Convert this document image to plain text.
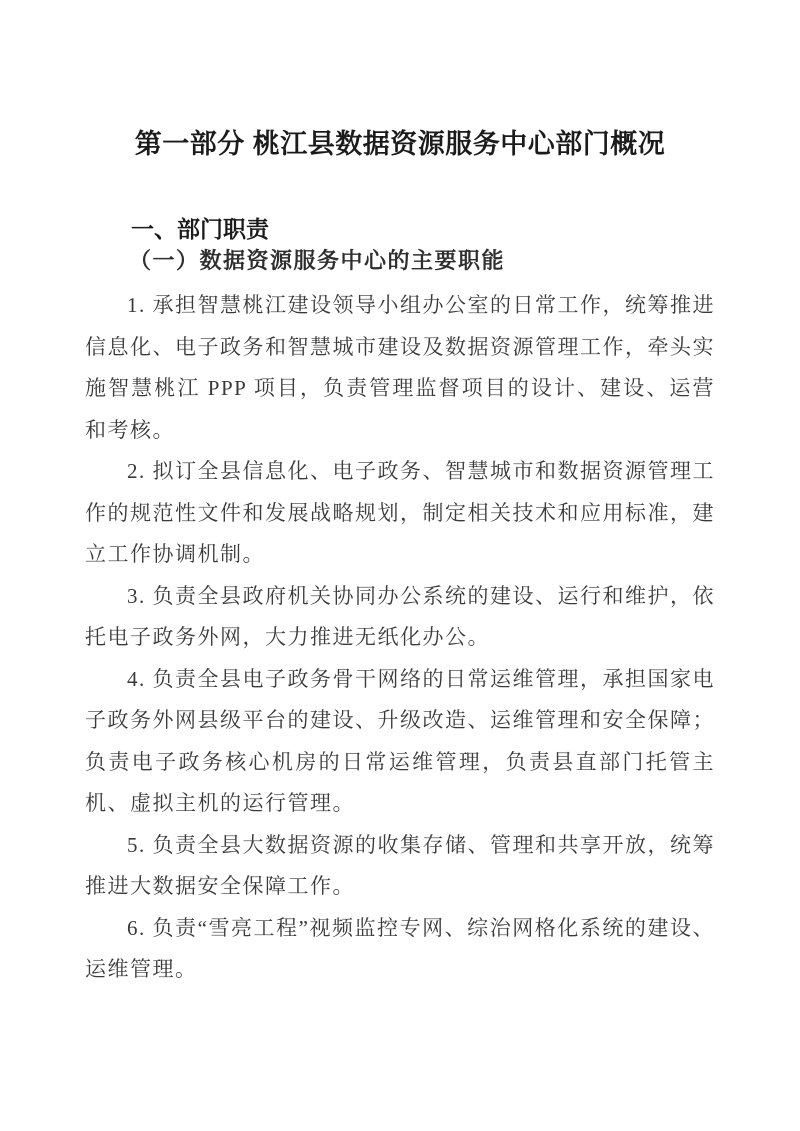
第一部分 桃江县数据资源服务中心部门概况
一、部门职责
（一）数据资源服务中心的主要职能

1. 承担智慧桃江建设领导小组办公室的日常工作，统筹推进信息化、电子政务和智慧城市建设及数据资源管理工作，牵头实施智慧桃江 PPP 项目，负责管理监督项目的设计、建设、运营和考核。

2. 拟订全县信息化、电子政务、智慧城市和数据资源管理工作的规范性文件和发展战略规划，制定相关技术和应用标准，建立工作协调机制。

3. 负责全县政府机关协同办公系统的建设、运行和维护，依托电子政务外网，大力推进无纸化办公。

4. 负责全县电子政务骨干网络的日常运维管理，承担国家电子政务外网县级平台的建设、升级改造、运维管理和安全保障；负责电子政务核心机房的日常运维管理，负责县直部门托管主机、虚拟主机的运行管理。

5. 负责全县大数据资源的收集存储、管理和共享开放，统筹推进大数据安全保障工作。

6. 负责“雪亮工程”视频监控专网、综治网格化系统的建设、运维管理。
